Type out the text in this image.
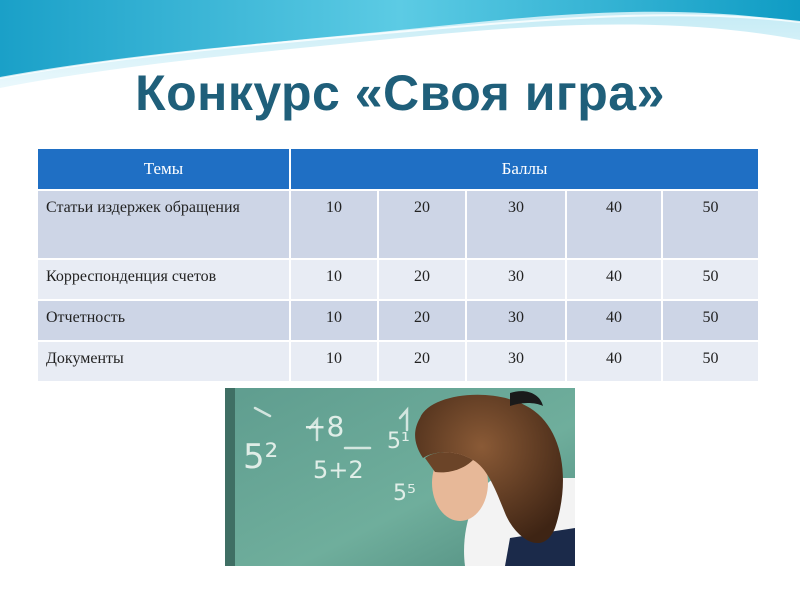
Конкурс «Своя игра»
Темы	Баллы				
Статьи издержек обращения	10	20	30	40	50
Корреспонденция счетов	10	20	30	40	50
Отчетность	10	20	30	40	50
Документы	10	20	30	40	50
5²
−8
5+2
5¹
5⁵
